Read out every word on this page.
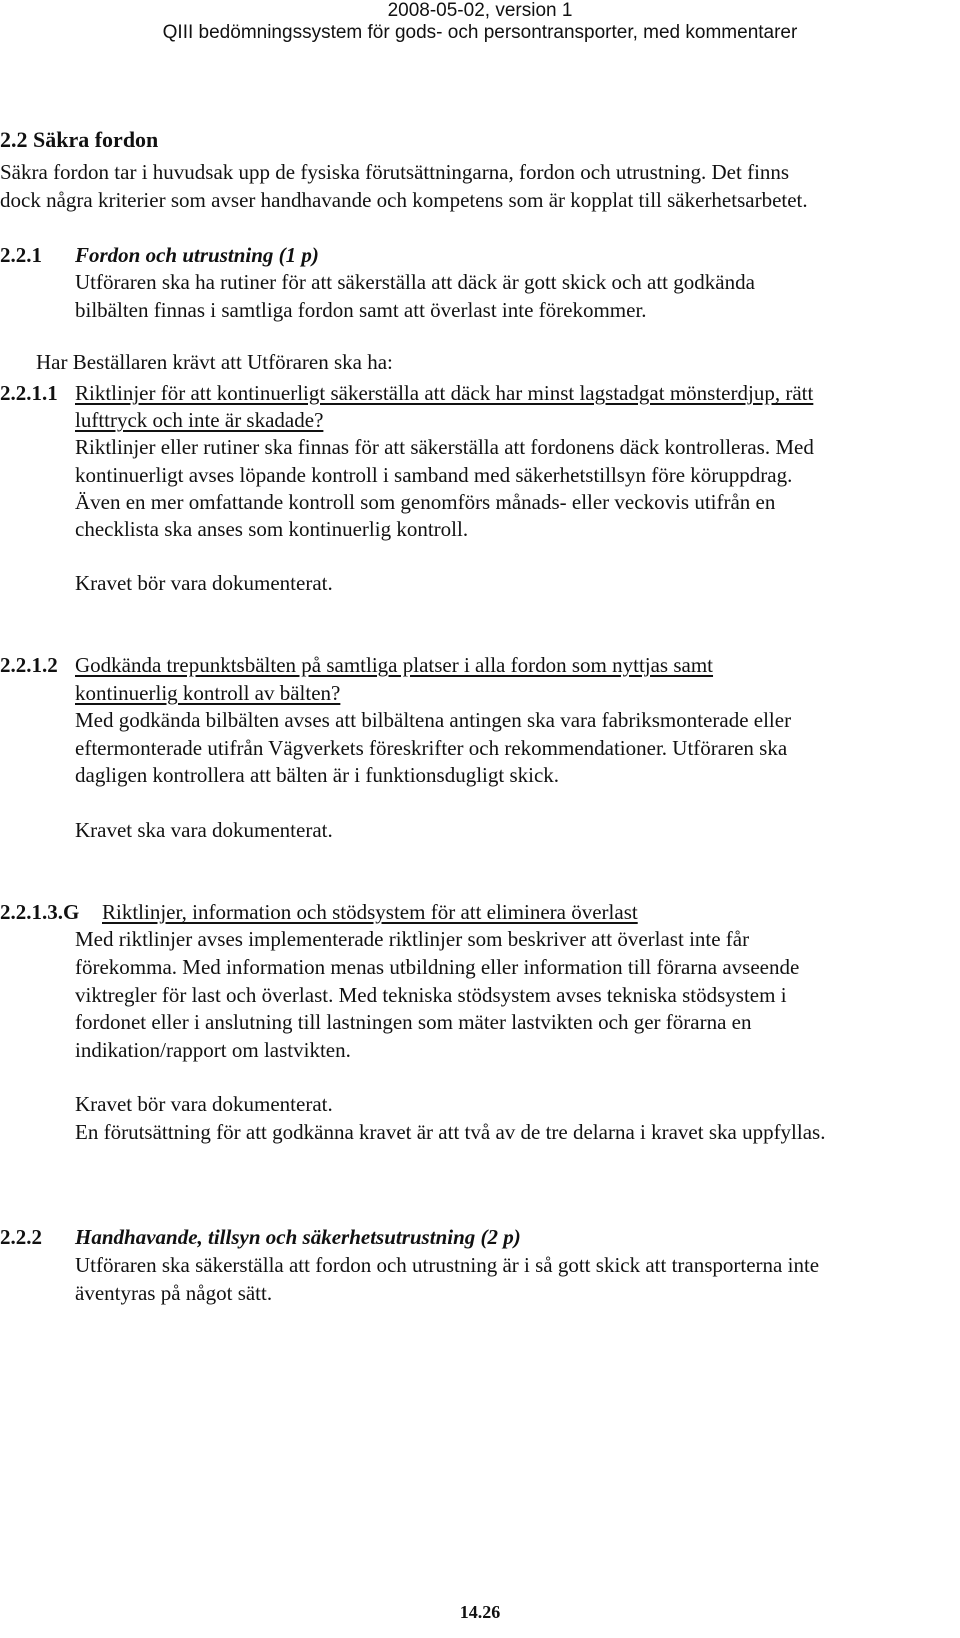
2008-05-02, version 1
QIII bedömningssystem för gods- och persontransporter, med kommentarer
2.2 Säkra fordon
Säkra fordon tar i huvudsak upp de fysiska förutsättningarna, fordon och utrustning. Det finns
dock några kriterier som avser handhavande och kompetens som är kopplat till säkerhetsarbetet.
2.2.1 Fordon och utrustning (1 p)
Utföraren ska ha rutiner för att säkerställa att däck är gott skick och att godkända
bilbälten finnas i samtliga fordon samt att överlast inte förekommer.
Har Beställaren krävt att Utföraren ska ha:
2.2.1.1 Riktlinjer för att kontinuerligt säkerställa att däck har minst lagstadgat mönsterdjup, rätt
lufttryck och inte är skadade?
Riktlinjer eller rutiner ska finnas för att säkerställa att fordonens däck kontrolleras. Med
kontinuerligt avses löpande kontroll i samband med säkerhetstillsyn före köruppdrag.
Även en mer omfattande kontroll som genomförs månads- eller veckovis utifrån en
checklista ska anses som kontinuerlig kontroll.
Kravet bör vara dokumenterat.
2.2.1.2 Godkända trepunktsbälten på samtliga platser i alla fordon som nyttjas samt
kontinuerlig kontroll av bälten?
Med godkända bilbälten avses att bilbältena antingen ska vara fabriksmonterade eller
eftermonterade utifrån Vägverkets föreskrifter och rekommendationer. Utföraren ska
dagligen kontrollera att bälten är i funktionsdugligt skick.
Kravet ska vara dokumenterat.
2.2.1.3.G Riktlinjer, information och stödsystem för att eliminera överlast
Med riktlinjer avses implementerade riktlinjer som beskriver att överlast inte får
förekomma. Med information menas utbildning eller information till förarna avseende
viktregler för last och överlast. Med tekniska stödsystem avses tekniska stödsystem i
fordonet eller i anslutning till lastningen som mäter lastvikten och ger förarna en
indikation/rapport om lastvikten.
Kravet bör vara dokumenterat.
En förutsättning för att godkänna kravet är att två av de tre delarna i kravet ska uppfyllas.
2.2.2 Handhavande, tillsyn och säkerhetsutrustning (2 p)
Utföraren ska säkerställa att fordon och utrustning är i så gott skick att transporterna inte
äventyras på något sätt.
14.26
